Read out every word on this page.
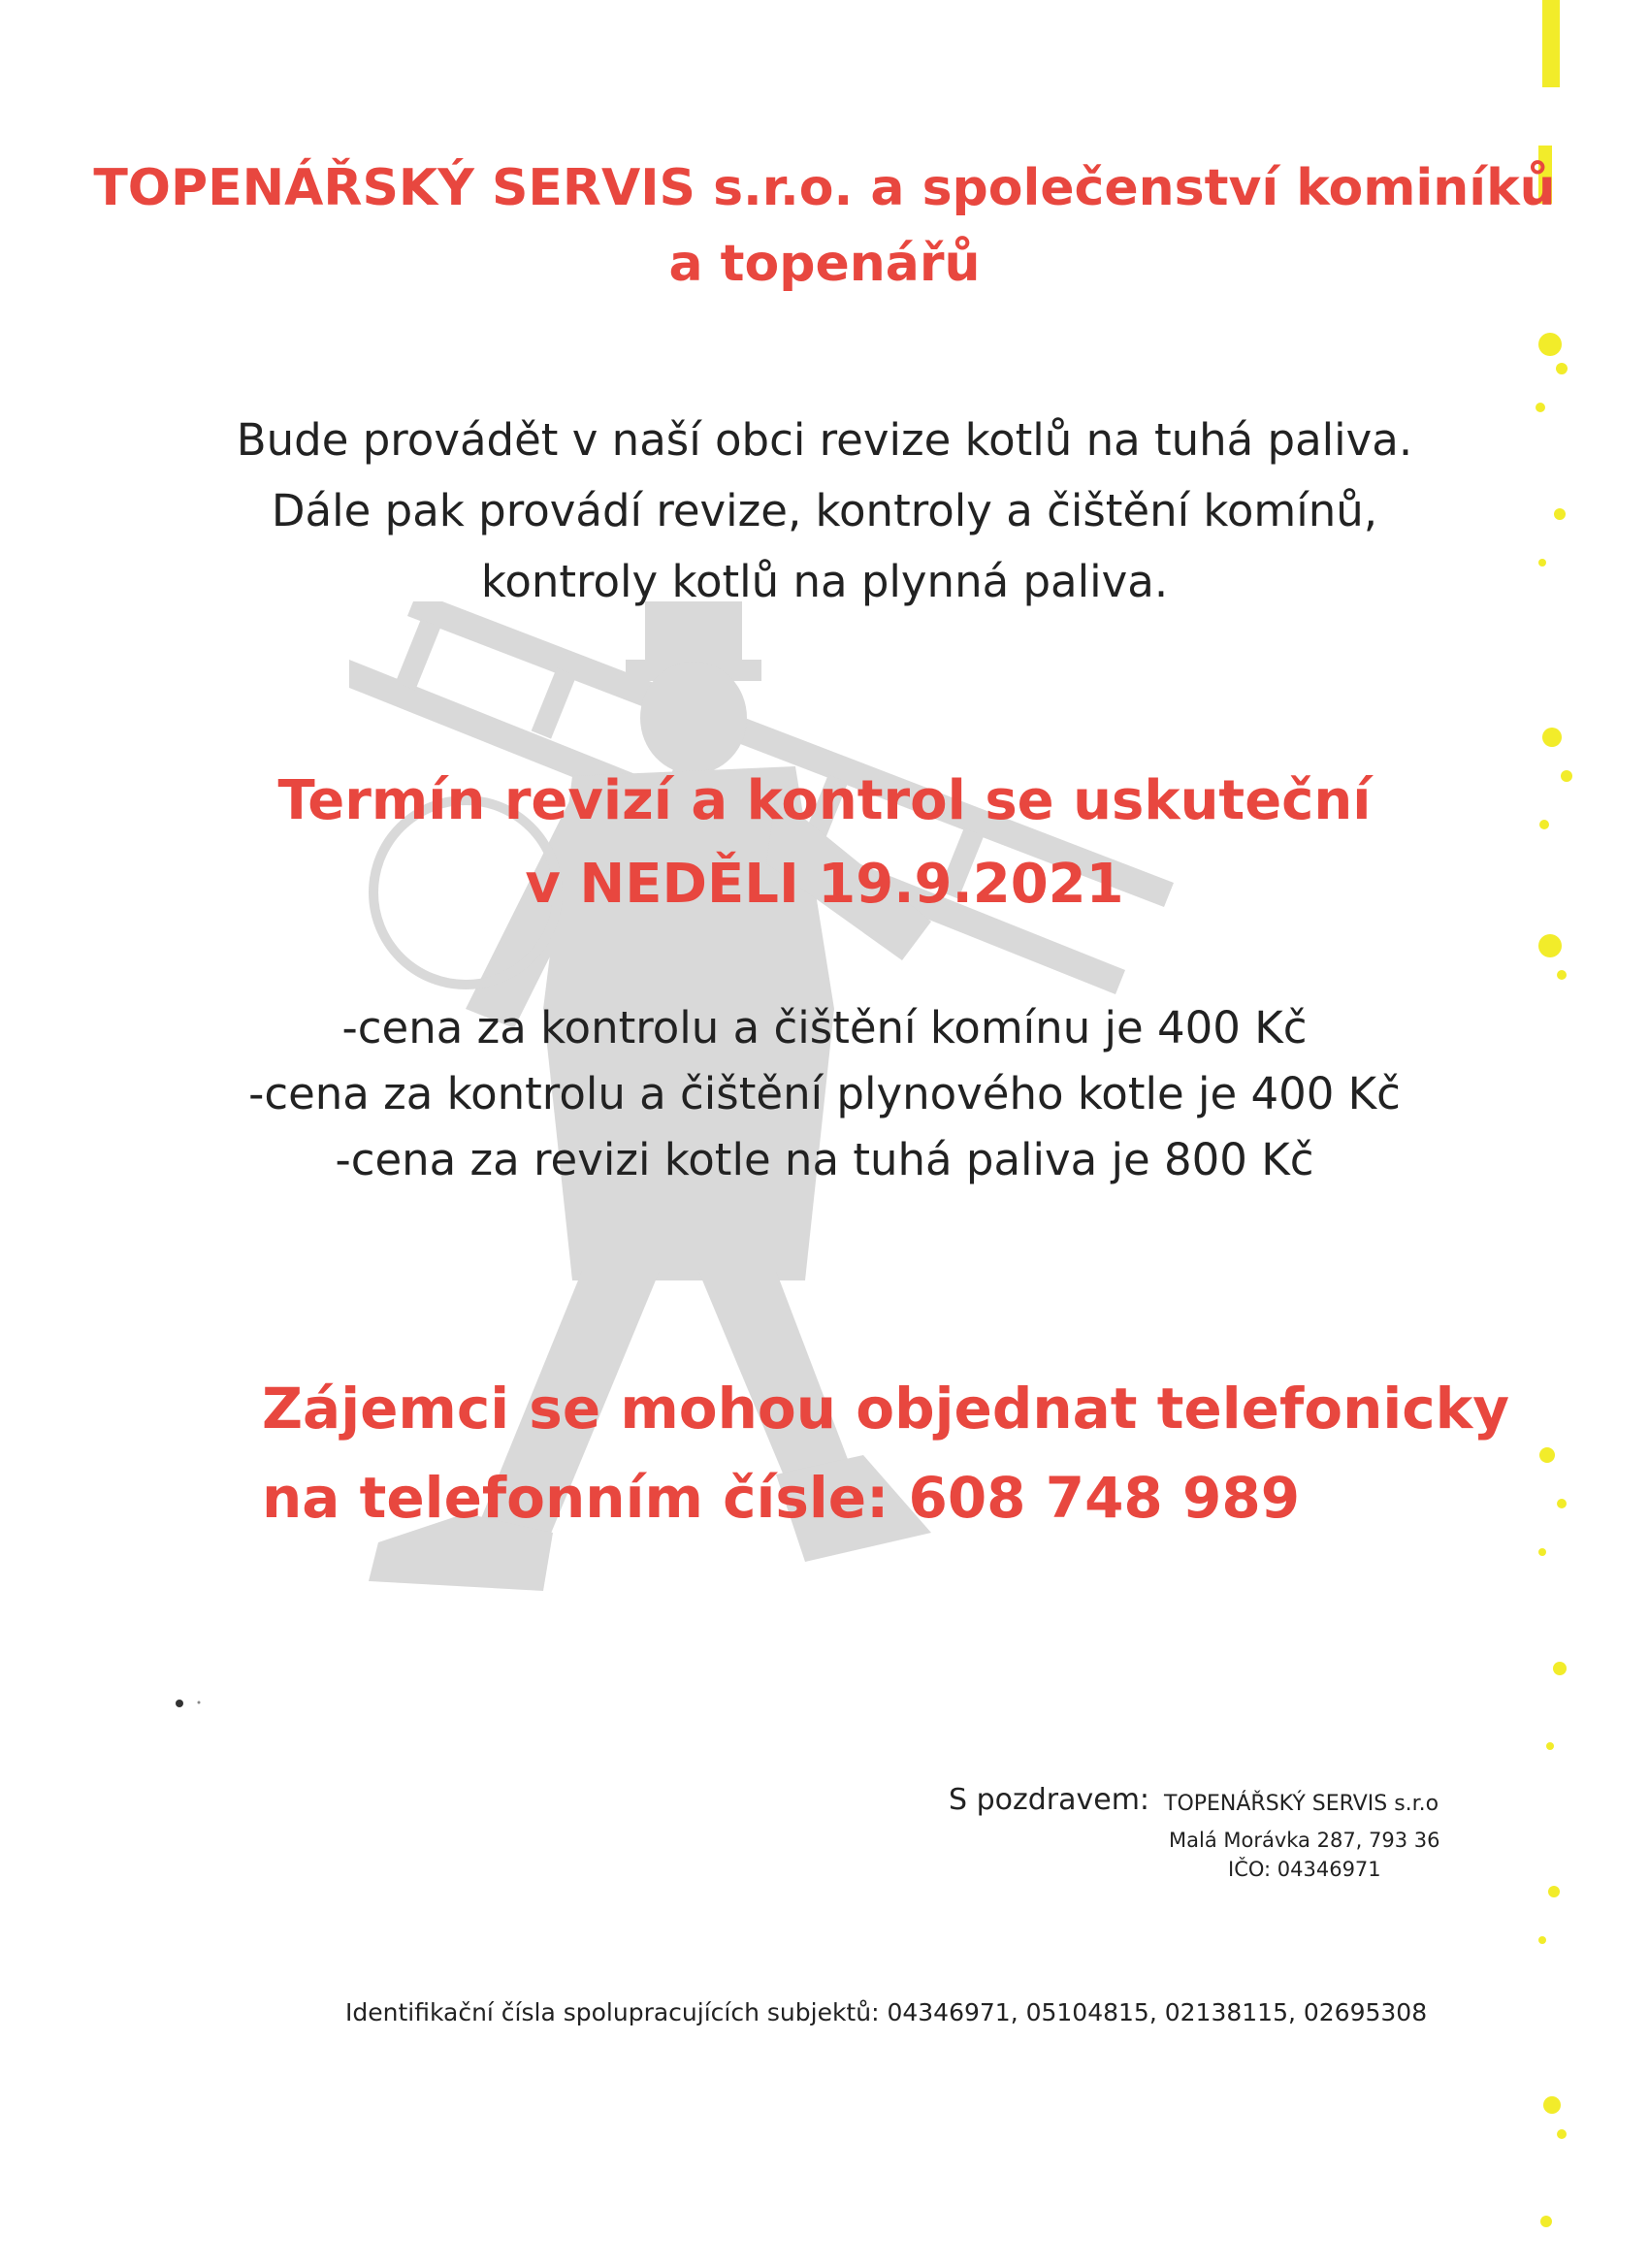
TOPENÁŘSKÝ SERVIS s.r.o. a společenství kominíků
a topenářů
Bude provádět v naší obci revize kotlů na tuhá paliva.
Dále pak provádí revize, kontroly a čištění komínů,
kontroly kotlů na plynná paliva.
Termín revizí a kontrol se uskuteční
v NEDĚLI 19.9.2021
-cena za kontrolu a čištění komínu je 400 Kč
-cena za kontrolu a čištění plynového kotle je 400 Kč
-cena za revizi kotle na tuhá paliva je 800 Kč
Zájemci se mohou objednat telefonicky
na telefonním čísle: 608 748 989
S pozdravem: TOPENÁŘSKÝ SERVIS s.r.o
Malá Morávka 287, 793 36
IČO: 04346971
Identifikační čísla spolupracujících subjektů: 04346971, 05104815, 02138115, 02695308
